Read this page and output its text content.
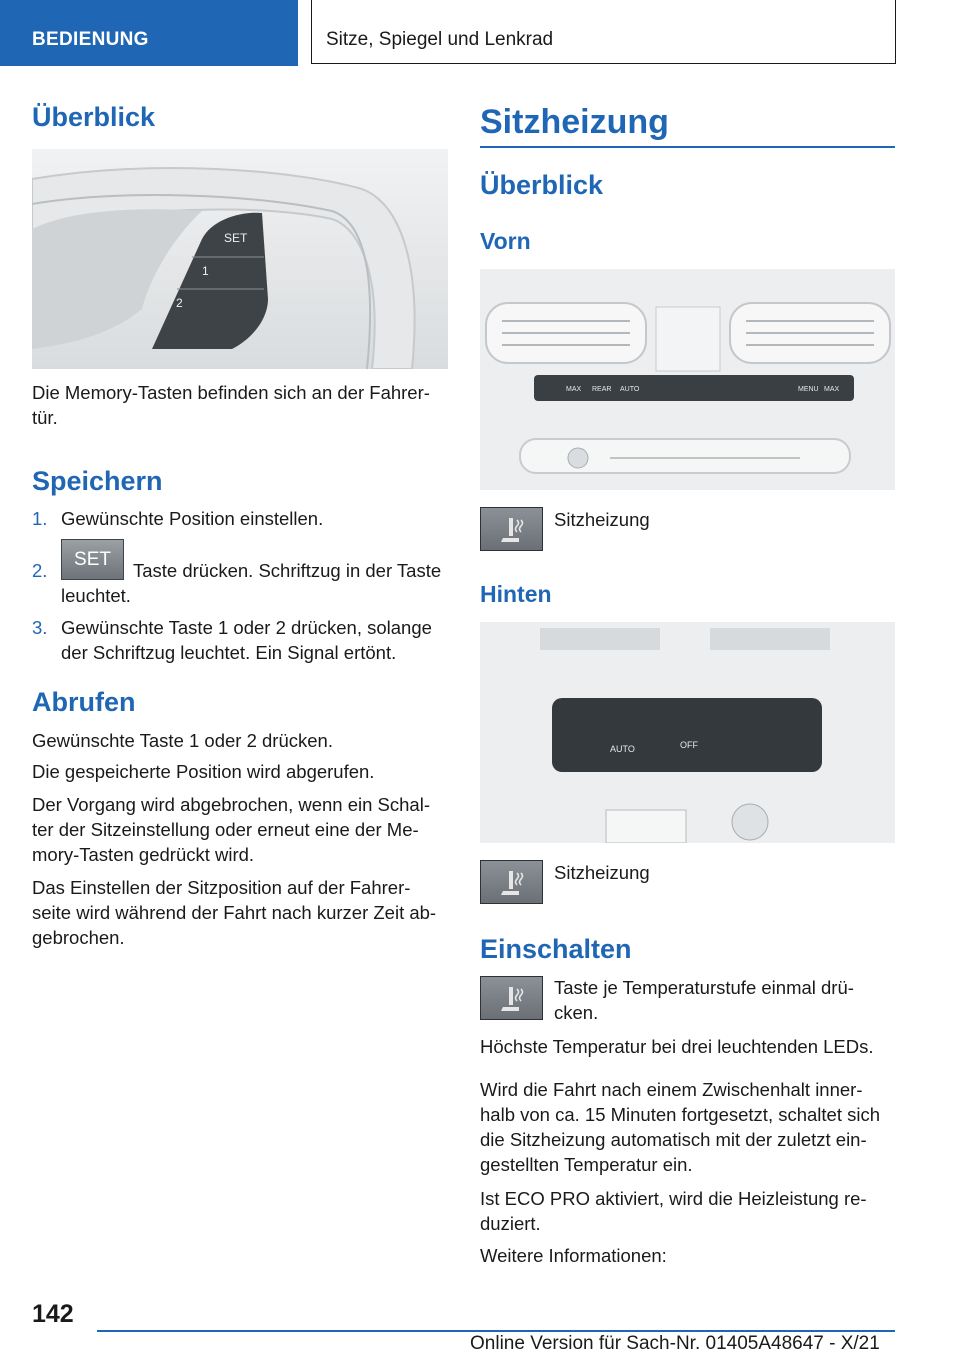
BEDIENUNG	Sitze, Spiegel und Lenkrad
Überblick
SET
1
2

Die Memory-Tasten befinden sich an der Fahrer-tür.

Speichern
1. Gewünschte Position einstellen.
2.
SET
Taste drücken. Schriftzug in der Taste leuchtet.
3. Gewünschte Taste 1 oder 2 drücken, solange der Schriftzug leuchtet. Ein Signal ertönt.
Abrufen

Gewünschte Taste 1 oder 2 drücken.

Die gespeicherte Position wird abgerufen.

Der Vorgang wird abgebrochen, wenn ein Schal-ter der Sitzeinstellung oder erneut eine der Me-mory-Tasten gedrückt wird.

Das Einstellen der Sitzposition auf der Fahrer-seite wird während der Fahrt nach kurzer Zeit ab-gebrochen.

Sitzheizung
Überblick
Vorn
MAX REAR AUTO	MENU MAX

Sitzheizung

Hinten
AUTO	OFF

Sitzheizung

Einschalten

Taste je Temperaturstufe einmal drü-cken.

Höchste Temperatur bei drei leuchtenden LEDs.

Wird die Fahrt nach einem Zwischenhalt inner-halb von ca. 15 Minuten fortgesetzt, schaltet sich die Sitzheizung automatisch mit der zuletzt ein-gestellten Temperatur ein.

Ist ECO PRO aktiviert, wird die Heizleistung re-duziert.

Weitere Informationen:

142
Online Version für Sach-Nr. 01405A48647 - X/21
